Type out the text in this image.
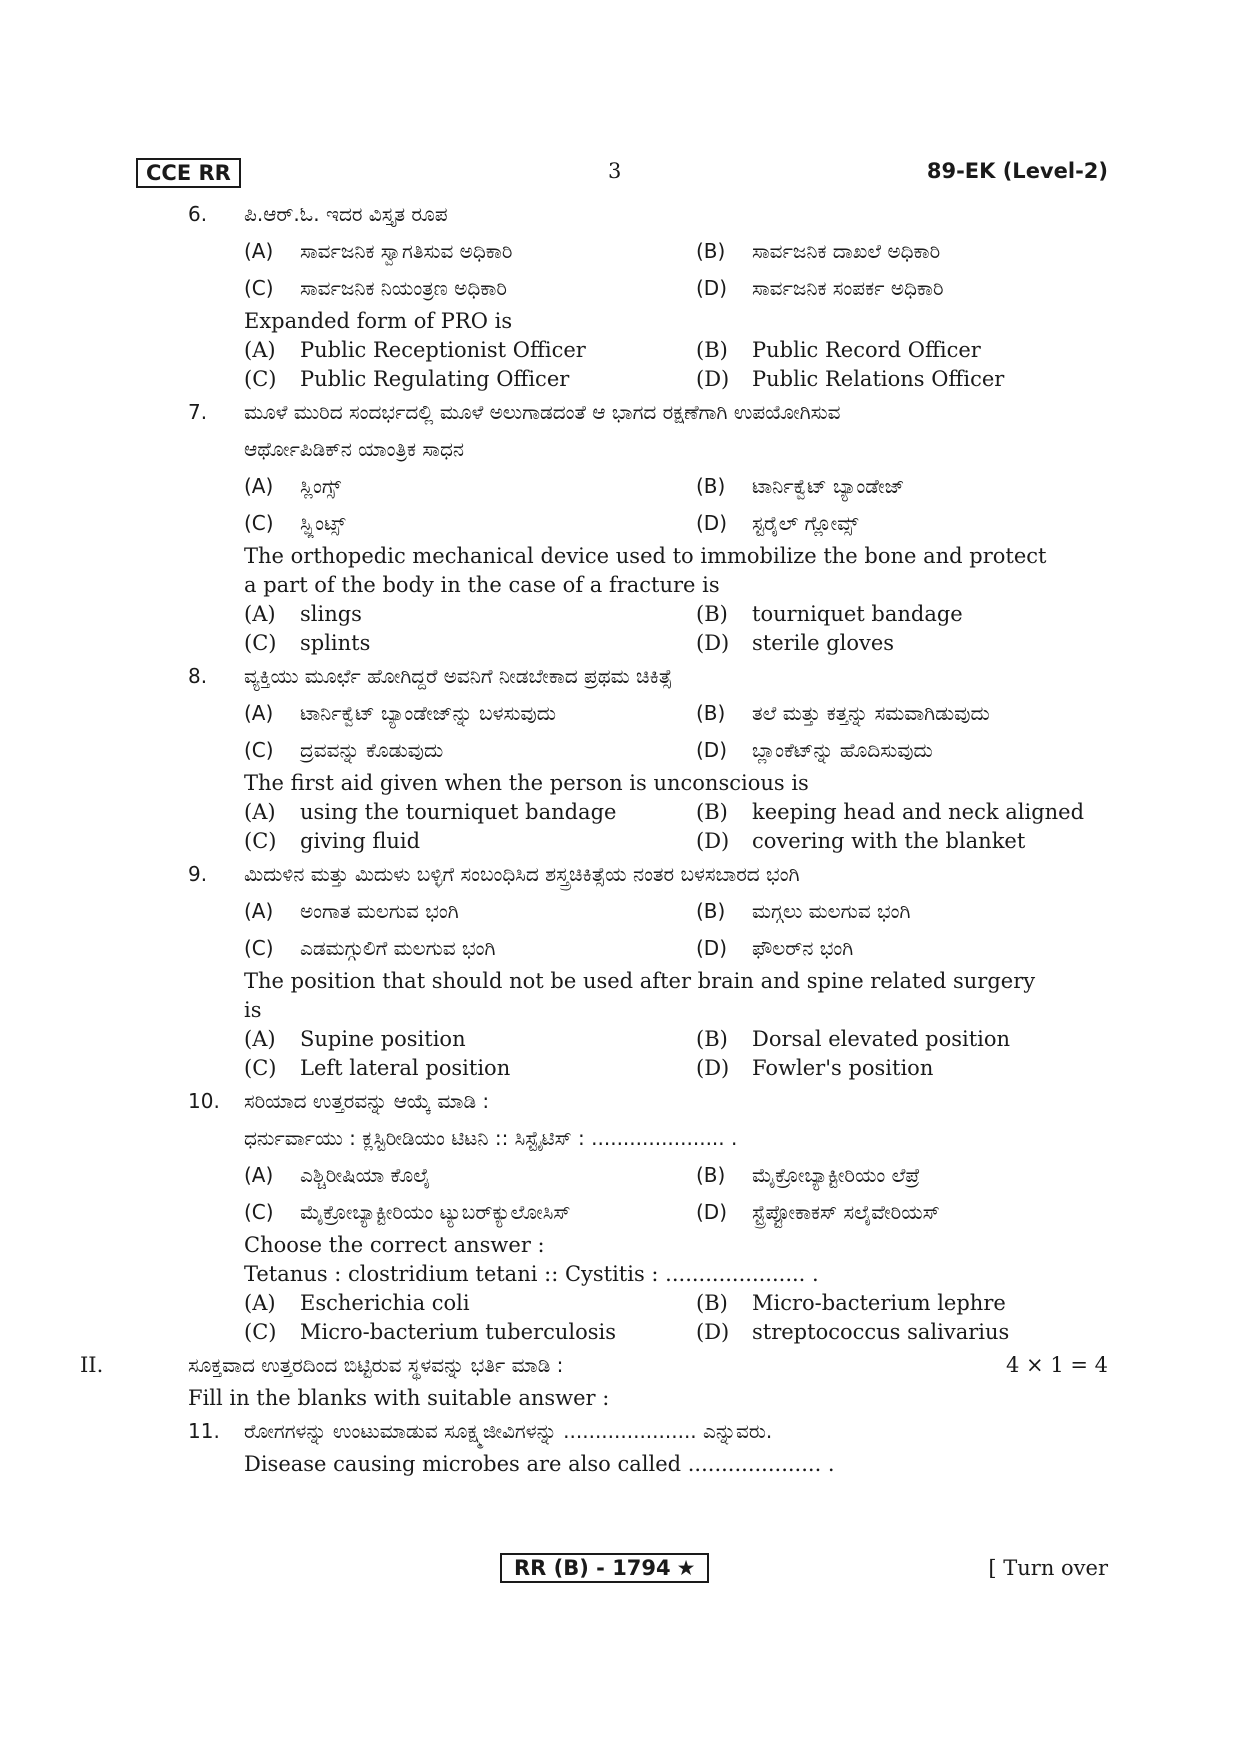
CCE RR	3	89-EK (Level-2)
6.	ಪಿ.ಆರ್.ಓ. ಇದರ ವಿಸ್ತೃತ ರೂಪ
(A)	ಸಾರ್ವಜನಿಕ ಸ್ವಾಗತಿಸುವ ಅಧಿಕಾರಿ	(B)	ಸಾರ್ವಜನಿಕ ದಾಖಲೆ ಅಧಿಕಾರಿ
(C)	ಸಾರ್ವಜನಿಕ ನಿಯಂತ್ರಣ ಅಧಿಕಾರಿ	(D)	ಸಾರ್ವಜನಿಕ ಸಂಪರ್ಕ ಅಧಿಕಾರಿ
Expanded form of PRO is
(A)	Public Receptionist Officer	(B)	Public Record Officer
(C)	Public Regulating Officer	(D)	Public Relations Officer
7.	ಮೂಳೆ ಮುರಿದ ಸಂದರ್ಭದಲ್ಲಿ ಮೂಳೆ ಅಲುಗಾಡದಂತೆ ಆ ಭಾಗದ ರಕ್ಷಣೆಗಾಗಿ ಉಪಯೋಗಿಸುವ
ಆರ್ಥೋಪಿಡಿಕ್‌ನ ಯಾಂತ್ರಿಕ ಸಾಧನ
(A)	ಸ್ಲಿಂಗ್ಸ್	(B)	ಟಾರ್ನಿಕ್ವೆಟ್ ಬ್ಯಾಂಡೇಜ್
(C)	ಸ್ಪ್ಲಿಂಟ್ಸ್	(D)	ಸ್ಟರೈಲ್ ಗ್ಲೋವ್ಸ್
The orthopedic mechanical device used to immobilize the bone and protect
a part of the body in the case of a fracture is
(A)	slings	(B)	tourniquet bandage
(C)	splints	(D)	sterile gloves
8.	ವ್ಯಕ್ತಿಯು ಮೂರ್ಛೆ ಹೋಗಿದ್ದರೆ ಅವನಿಗೆ ನೀಡಬೇಕಾದ ಪ್ರಥಮ ಚಿಕಿತ್ಸೆ
(A)	ಟಾರ್ನಿಕ್ವೆಟ್ ಬ್ಯಾಂಡೇಜ್‌ನ್ನು ಬಳಸುವುದು	(B)	ತಲೆ ಮತ್ತು ಕತ್ತನ್ನು ಸಮವಾಗಿಡುವುದು
(C)	ದ್ರವವನ್ನು ಕೊಡುವುದು	(D)	ಬ್ಲಾಂಕೆಟ್‌ನ್ನು ಹೊದಿಸುವುದು
The first aid given when the person is unconscious is
(A)	using the tourniquet bandage	(B)	keeping head and neck aligned
(C)	giving fluid	(D)	covering with the blanket
9.	ಮಿದುಳಿನ ಮತ್ತು ಮಿದುಳು ಬಳ್ಳಿಗೆ ಸಂಬಂಧಿಸಿದ ಶಸ್ತ್ರಚಿಕಿತ್ಸೆಯ ನಂತರ ಬಳಸಬಾರದ ಭಂಗಿ
(A)	ಅಂಗಾತ ಮಲಗುವ ಭಂಗಿ	(B)	ಮಗ್ಗಲು ಮಲಗುವ ಭಂಗಿ
(C)	ಎಡಮಗ್ಗುಲಿಗೆ ಮಲಗುವ ಭಂಗಿ	(D)	ಫೌಲರ್‌ನ ಭಂಗಿ
The position that should not be used after brain and spine related surgery
is
(A)	Supine position	(B)	Dorsal elevated position
(C)	Left lateral position	(D)	Fowler's position
10.	ಸರಿಯಾದ ಉತ್ತರವನ್ನು ಆಯ್ಕೆ ಮಾಡಿ :
ಧರ್ನುರ್ವಾಯು : ಕ್ಲಸ್ಟಿರೀಡಿಯಂ ಟಿಟನಿ :: ಸಿಸ್ಟೈಟಿಸ್ : ..................... .
(A)	ಎಶ್ಚಿರೀಷಿಯಾ ಕೊಲೈ	(B)	ಮೈಕ್ರೋಬ್ಯಾಕ್ಟೀರಿಯಂ ಲೆಪ್ರೆ
(C)	ಮೈಕ್ರೋಬ್ಯಾಕ್ಟೀರಿಯಂ ಟ್ಯುಬರ್‌ಕ್ಯುಲೋಸಿಸ್	(D)	ಸ್ಟ್ರೆಪ್ಟೋಕಾಕಸ್ ಸಲೈವೇರಿಯಸ್
Choose the correct answer :
Tetanus : clostridium tetani :: Cystitis : ..................... .
(A)	Escherichia coli	(B)	Micro-bacterium lephre
(C)	Micro-bacterium tuberculosis	(D)	streptococcus salivarius
II.	4 × 1 = 4
ಸೂಕ್ತವಾದ ಉತ್ತರದಿಂದ ಬಿಟ್ಟಿರುವ ಸ್ಥಳವನ್ನು ಭರ್ತಿ ಮಾಡಿ :
Fill in the blanks with suitable answer :
11.	ರೋಗಗಳನ್ನು ಉಂಟುಮಾಡುವ ಸೂಕ್ಷ್ಮಜೀವಿಗಳನ್ನು ..................... ಎನ್ನುವರು.
Disease causing microbes are also called .................... .
RR (B) - 1794 ★	[ Turn over
